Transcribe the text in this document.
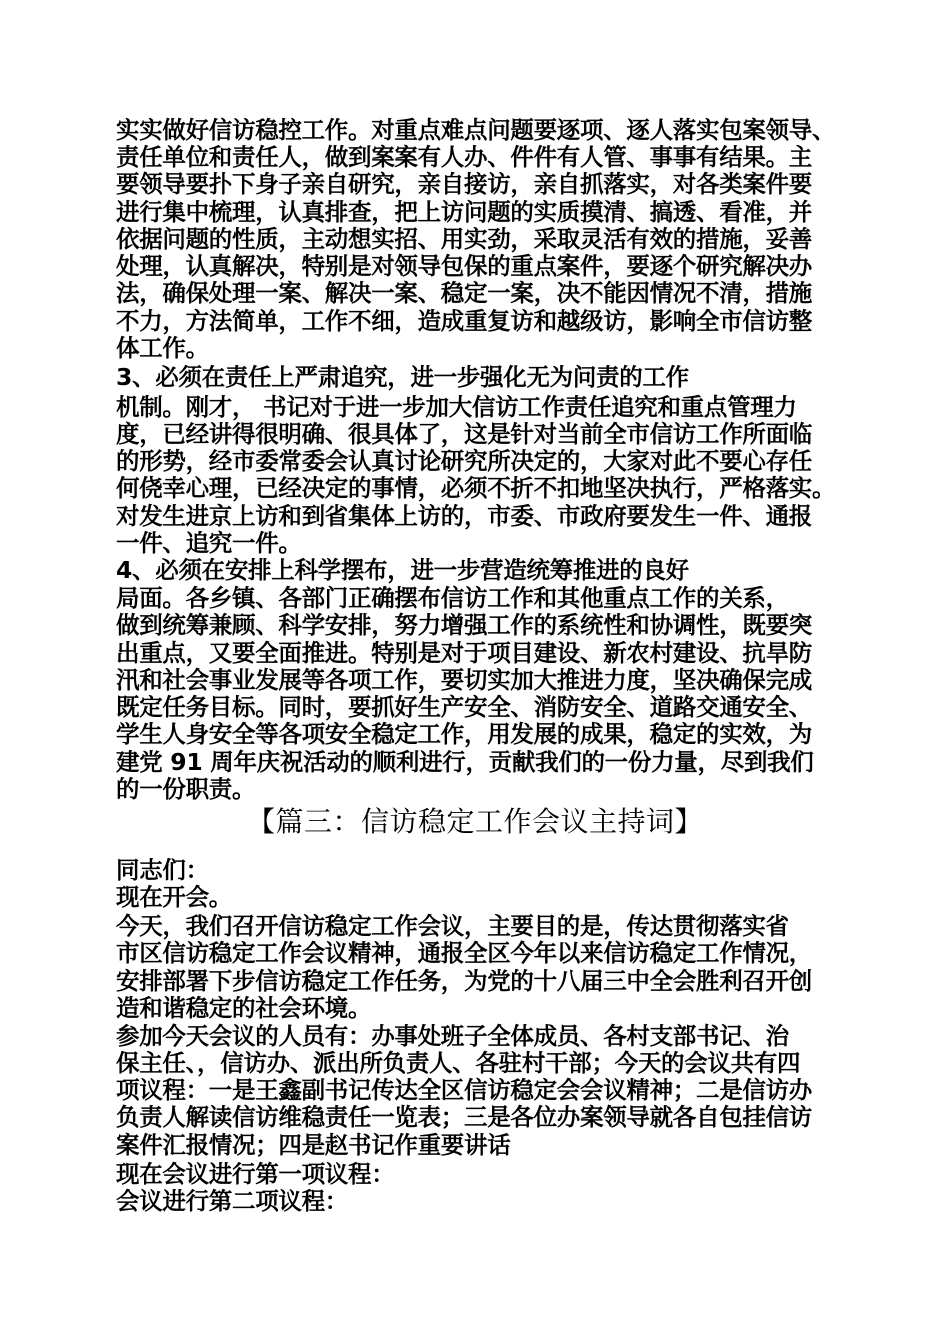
实实做好信访稳控工作。对重点难点问题要逐项、逐人落实包案领导、
责任单位和责任人，做到案案有人办、件件有人管、事事有结果。主
要领导要扑下身子亲自研究，亲自接访，亲自抓落实，对各类案件要
进行集中梳理，认真排查，把上访问题的实质摸清、搞透、看准，并
依据问题的性质，主动想实招、用实劲，采取灵活有效的措施，妥善
处理，认真解决，特别是对领导包保的重点案件，要逐个研究解决办
法，确保处理一案、解决一案、稳定一案，决不能因情况不清，措施
不力，方法简单，工作不细，造成重复访和越级访，影响全市信访整
体工作。
3、必须在责任上严肃追究，进一步强化无为问责的工作
机制。刚才， 书记对于进一步加大信访工作责任追究和重点管理力
度，已经讲得很明确、很具体了，这是针对当前全市信访工作所面临
的形势，经市委常委会认真讨论研究所决定的，大家对此不要心存任
何侥幸心理，已经决定的事情，必须不折不扣地坚决执行，严格落实。
对发生进京上访和到省集体上访的，市委、市政府要发生一件、通报
一件、追究一件。
4、必须在安排上科学摆布，进一步营造统筹推进的良好
局面。各乡镇、各部门正确摆布信访工作和其他重点工作的关系，
做到统筹兼顾、科学安排，努力增强工作的系统性和协调性，既要突
出重点，又要全面推进。特别是对于项目建设、新农村建设、抗旱防
汛和社会事业发展等各项工作，要切实加大推进力度，坚决确保完成
既定任务目标。同时，要抓好生产安全、消防安全、道路交通安全、
学生人身安全等各项安全稳定工作，用发展的成果，稳定的实效，为
建党 91 周年庆祝活动的顺利进行，贡献我们的一份力量，尽到我们
的一份职责。
【篇三：信访稳定工作会议主持词】
同志们：
现在开会。
今天，我们召开信访稳定工作会议，主要目的是，传达贯彻落实省
市区信访稳定工作会议精神，通报全区今年以来信访稳定工作情况，
安排部署下步信访稳定工作任务，为党的十八届三中全会胜利召开创
造和谐稳定的社会环境。
参加今天会议的人员有：办事处班子全体成员、各村支部书记、治
保主任、，信访办、派出所负责人、各驻村干部；今天的会议共有四
项议程：一是王鑫副书记传达全区信访稳定会会议精神；二是信访办
负责人解读信访维稳责任一览表；三是各位办案领导就各自包挂信访
案件汇报情况；四是赵书记作重要讲话
现在会议进行第一项议程：
会议进行第二项议程：
